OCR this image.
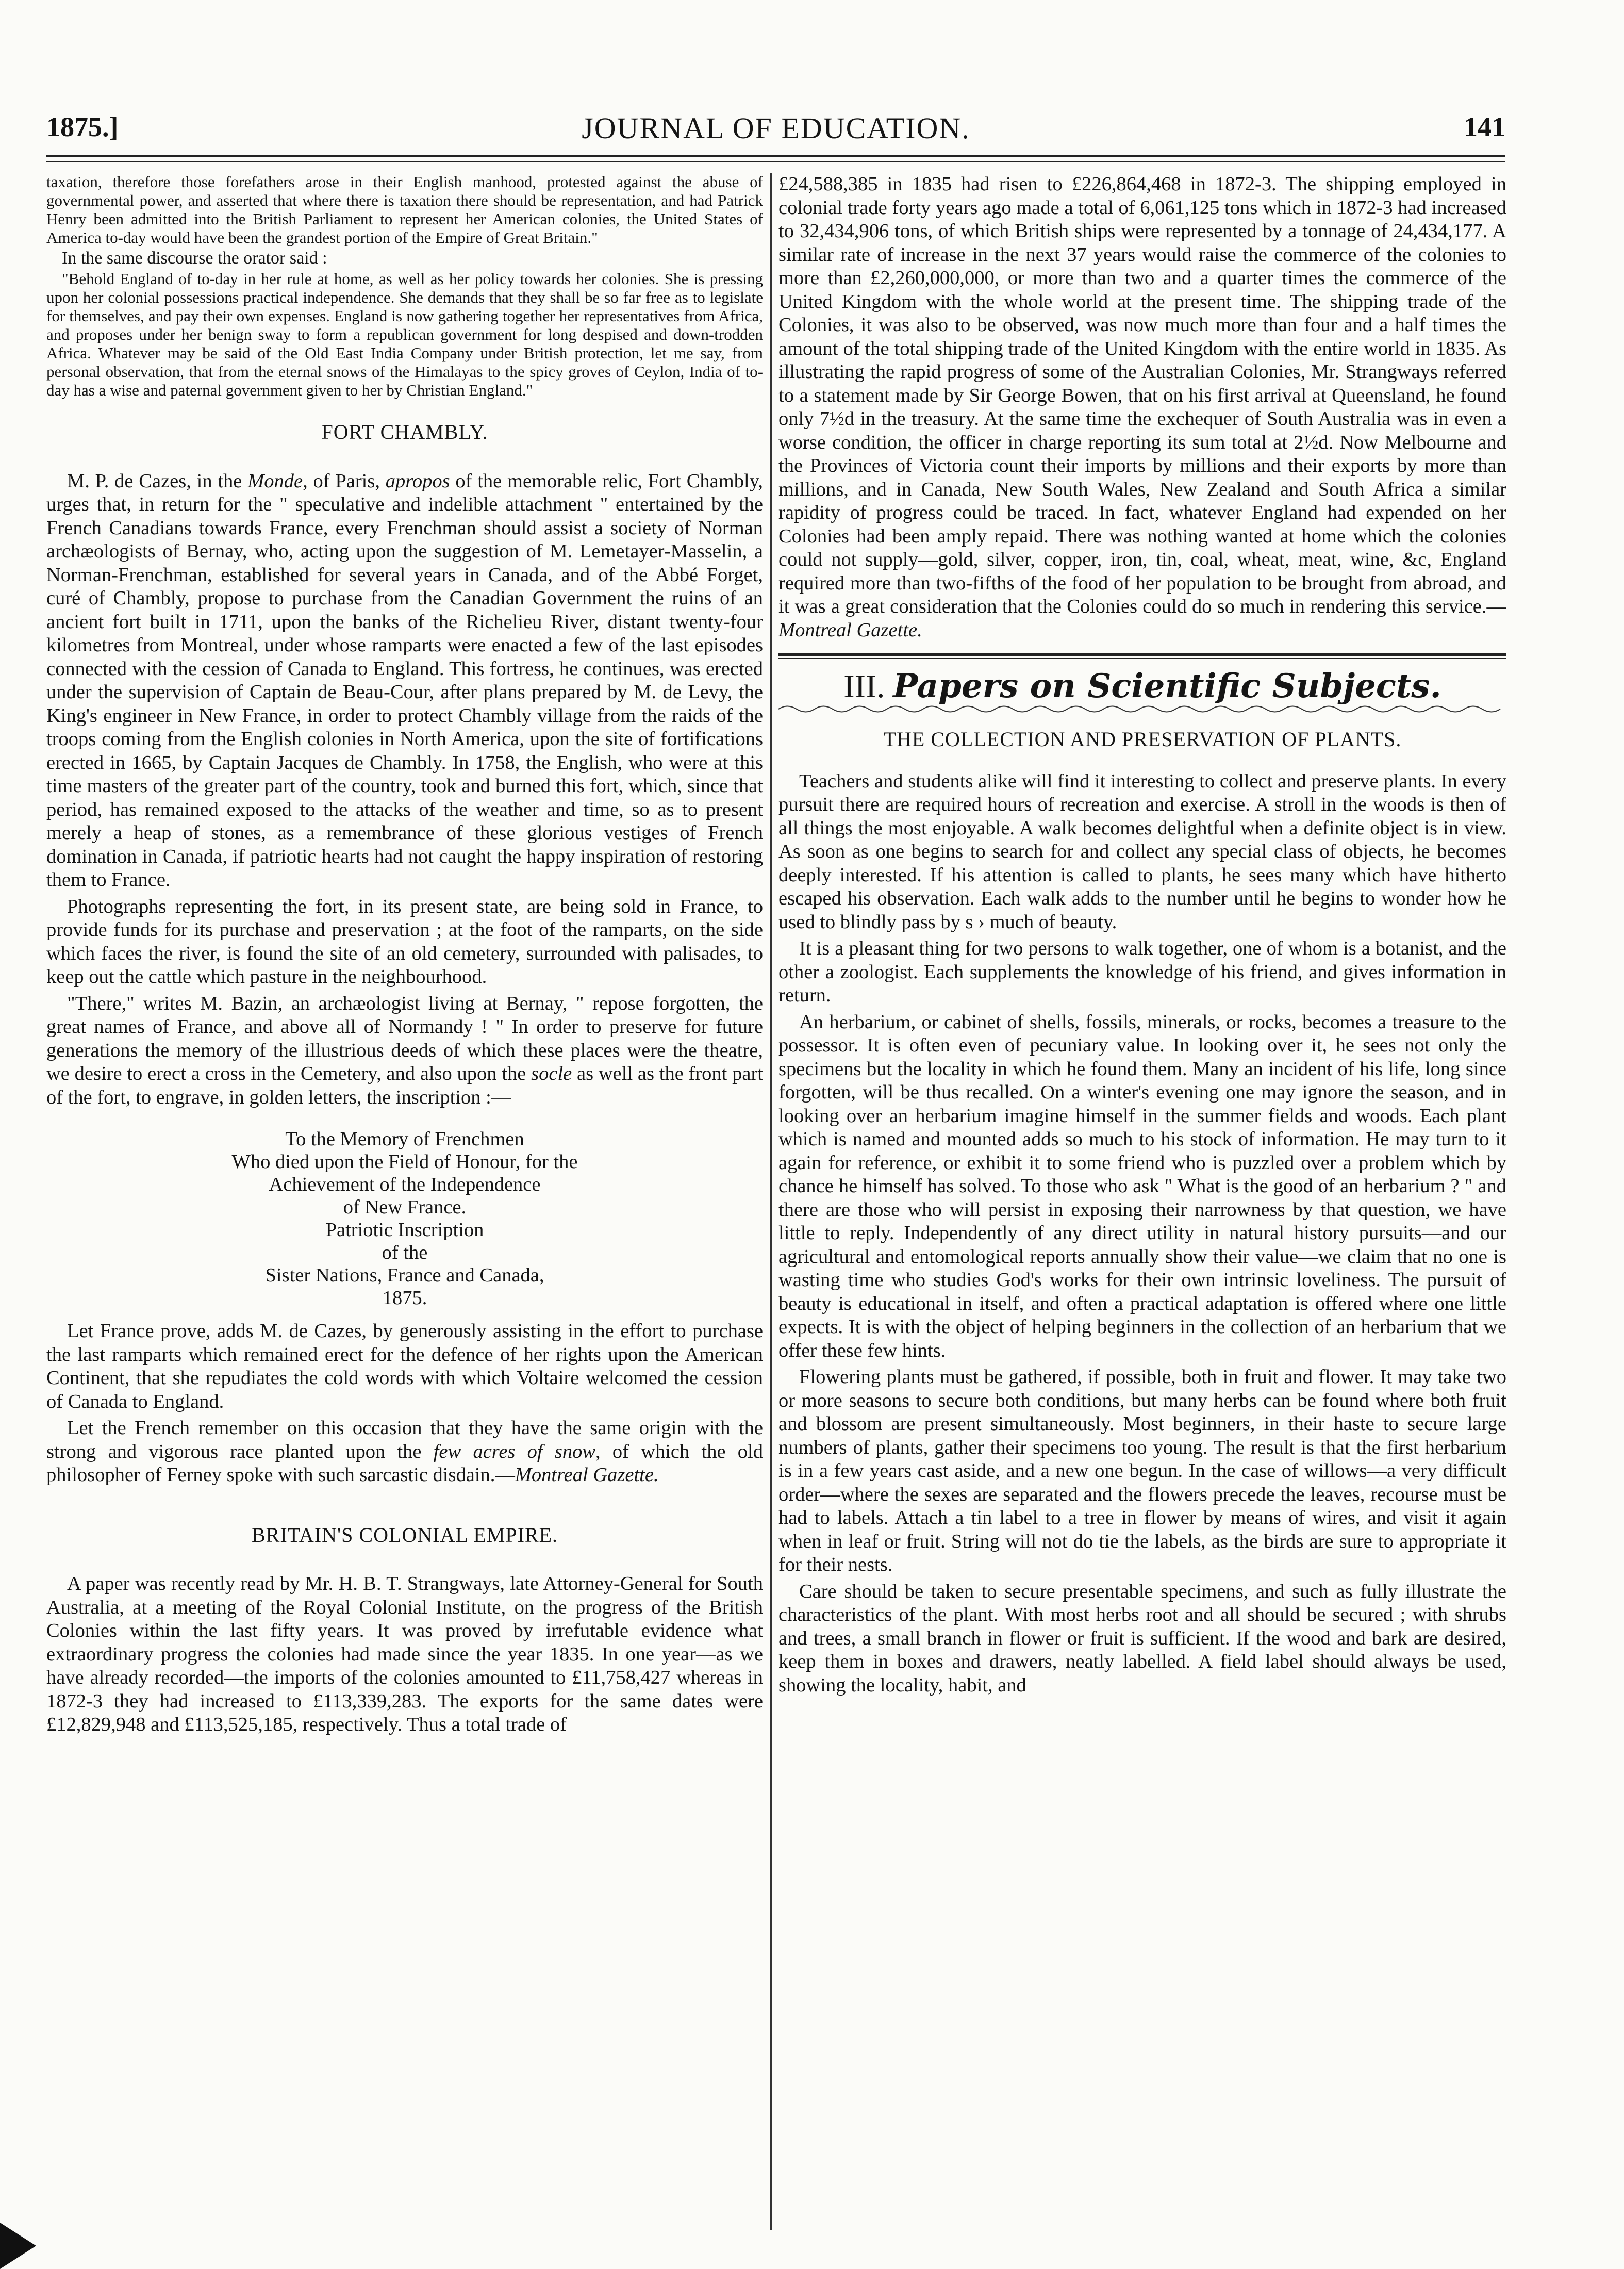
1875.]	JOURNAL OF EDUCATION.	141

taxation, therefore those forefathers arose in their English manhood, protested against the abuse of governmental power, and asserted that where there is taxation there should be representation, and had Patrick Henry been admitted into the British Parliament to represent her American colonies, the United States of America to-day would have been the grandest portion of the Empire of Great Britain."

In the same discourse the orator said :

"Behold England of to-day in her rule at home, as well as her policy towards her colonies. She is pressing upon her colonial possessions practical independence. She demands that they shall be so far free as to legislate for themselves, and pay their own expenses. England is now gathering together her representatives from Africa, and proposes under her benign sway to form a republican government for long despised and down-trodden Africa. Whatever may be said of the Old East India Company under British protection, let me say, from personal observation, that from the eternal snows of the Himalayas to the spicy groves of Ceylon, India of to-day has a wise and paternal government given to her by Christian England."

FORT CHAMBLY.

M. P. de Cazes, in the Monde, of Paris, apropos of the memorable relic, Fort Chambly, urges that, in return for the " speculative and indelible attachment " entertained by the French Canadians towards France, every Frenchman should assist a society of Norman archæologists of Bernay, who, acting upon the suggestion of M. Lemetayer-Masselin, a Norman-Frenchman, established for several years in Canada, and of the Abbé Forget, curé of Chambly, propose to purchase from the Canadian Government the ruins of an ancient fort built in 1711, upon the banks of the Richelieu River, distant twenty-four kilometres from Montreal, under whose ramparts were enacted a few of the last episodes connected with the cession of Canada to England. This fortress, he continues, was erected under the supervision of Captain de Beau-Cour, after plans prepared by M. de Levy, the King's engineer in New France, in order to protect Chambly village from the raids of the troops coming from the English colonies in North America, upon the site of fortifications erected in 1665, by Captain Jacques de Chambly. In 1758, the English, who were at this time masters of the greater part of the country, took and burned this fort, which, since that period, has remained exposed to the attacks of the weather and time, so as to present merely a heap of stones, as a remembrance of these glorious vestiges of French domination in Canada, if patriotic hearts had not caught the happy inspiration of restoring them to France.

Photographs representing the fort, in its present state, are being sold in France, to provide funds for its purchase and preservation ; at the foot of the ramparts, on the side which faces the river, is found the site of an old cemetery, surrounded with palisades, to keep out the cattle which pasture in the neighbourhood.

"There," writes M. Bazin, an archæologist living at Bernay, " repose forgotten, the great names of France, and above all of Normandy ! " In order to preserve for future generations the memory of the illustrious deeds of which these places were the theatre, we desire to erect a cross in the Cemetery, and also upon the socle as well as the front part of the fort, to engrave, in golden letters, the inscription :—

To the Memory of Frenchmen
Who died upon the Field of Honour, for the
Achievement of the Independence
of New France.
Patriotic Inscription
of the
Sister Nations, France and Canada,
1875.

Let France prove, adds M. de Cazes, by generously assisting in the effort to purchase the last ramparts which remained erect for the defence of her rights upon the American Continent, that she repudiates the cold words with which Voltaire welcomed the cession of Canada to England.

Let the French remember on this occasion that they have the same origin with the strong and vigorous race planted upon the few acres of snow, of which the old philosopher of Ferney spoke with such sarcastic disdain.—Montreal Gazette.

BRITAIN'S COLONIAL EMPIRE.

A paper was recently read by Mr. H. B. T. Strangways, late Attorney-General for South Australia, at a meeting of the Royal Colonial Institute, on the progress of the British Colonies within the last fifty years. It was proved by irrefutable evidence what extraordinary progress the colonies had made since the year 1835. In one year—as we have already recorded—the imports of the colonies amounted to £11,758,427 whereas in 1872-3 they had increased to £113,339,283. The exports for the same dates were £12,829,948 and £113,525,185, respectively. Thus a total trade of

£24,588,385 in 1835 had risen to £226,864,468 in 1872-3. The shipping employed in colonial trade forty years ago made a total of 6,061,125 tons which in 1872-3 had increased to 32,434,906 tons, of which British ships were represented by a tonnage of 24,434,177. A similar rate of increase in the next 37 years would raise the commerce of the colonies to more than £2,260,000,000, or more than two and a quarter times the commerce of the United Kingdom with the whole world at the present time. The shipping trade of the Colonies, it was also to be observed, was now much more than four and a half times the amount of the total shipping trade of the United Kingdom with the entire world in 1835. As illustrating the rapid progress of some of the Australian Colonies, Mr. Strangways referred to a statement made by Sir George Bowen, that on his first arrival at Queensland, he found only 7½d in the treasury. At the same time the exchequer of South Australia was in even a worse condition, the officer in charge reporting its sum total at 2½d. Now Melbourne and the Provinces of Victoria count their imports by millions and their exports by more than millions, and in Canada, New South Wales, New Zealand and South Africa a similar rapidity of progress could be traced. In fact, whatever England had expended on her Colonies had been amply repaid. There was nothing wanted at home which the colonies could not supply—gold, silver, copper, iron, tin, coal, wheat, meat, wine, &c, England required more than two-fifths of the food of her population to be brought from abroad, and it was a great consideration that the Colonies could do so much in rendering this service.—Montreal Gazette.

III. Papers on Scientific Subjects.
THE COLLECTION AND PRESERVATION OF PLANTS.

Teachers and students alike will find it interesting to collect and preserve plants. In every pursuit there are required hours of recreation and exercise. A stroll in the woods is then of all things the most enjoyable. A walk becomes delightful when a definite object is in view. As soon as one begins to search for and collect any special class of objects, he becomes deeply interested. If his attention is called to plants, he sees many which have hitherto escaped his observation. Each walk adds to the number until he begins to wonder how he used to blindly pass by s › much of beauty.

It is a pleasant thing for two persons to walk together, one of whom is a botanist, and the other a zoologist. Each supplements the knowledge of his friend, and gives information in return.

An herbarium, or cabinet of shells, fossils, minerals, or rocks, becomes a treasure to the possessor. It is often even of pecuniary value. In looking over it, he sees not only the specimens but the locality in which he found them. Many an incident of his life, long since forgotten, will be thus recalled. On a winter's evening one may ignore the season, and in looking over an herbarium imagine himself in the summer fields and woods. Each plant which is named and mounted adds so much to his stock of information. He may turn to it again for reference, or exhibit it to some friend who is puzzled over a problem which by chance he himself has solved. To those who ask " What is the good of an herbarium ? " and there are those who will persist in exposing their narrowness by that question, we have little to reply. Independently of any direct utility in natural history pursuits—and our agricultural and entomological reports annually show their value—we claim that no one is wasting time who studies God's works for their own intrinsic loveliness. The pursuit of beauty is educational in itself, and often a practical adaptation is offered where one little expects. It is with the object of helping beginners in the collection of an herbarium that we offer these few hints.

Flowering plants must be gathered, if possible, both in fruit and flower. It may take two or more seasons to secure both conditions, but many herbs can be found where both fruit and blossom are present simultaneously. Most beginners, in their haste to secure large numbers of plants, gather their specimens too young. The result is that the first herbarium is in a few years cast aside, and a new one begun. In the case of willows—a very difficult order—where the sexes are separated and the flowers precede the leaves, recourse must be had to labels. Attach a tin label to a tree in flower by means of wires, and visit it again when in leaf or fruit. String will not do tie the labels, as the birds are sure to appropriate it for their nests.

Care should be taken to secure presentable specimens, and such as fully illustrate the characteristics of the plant. With most herbs root and all should be secured ; with shrubs and trees, a small branch in flower or fruit is sufficient. If the wood and bark are desired, keep them in boxes and drawers, neatly labelled. A field label should always be used, showing the locality, habit, and
